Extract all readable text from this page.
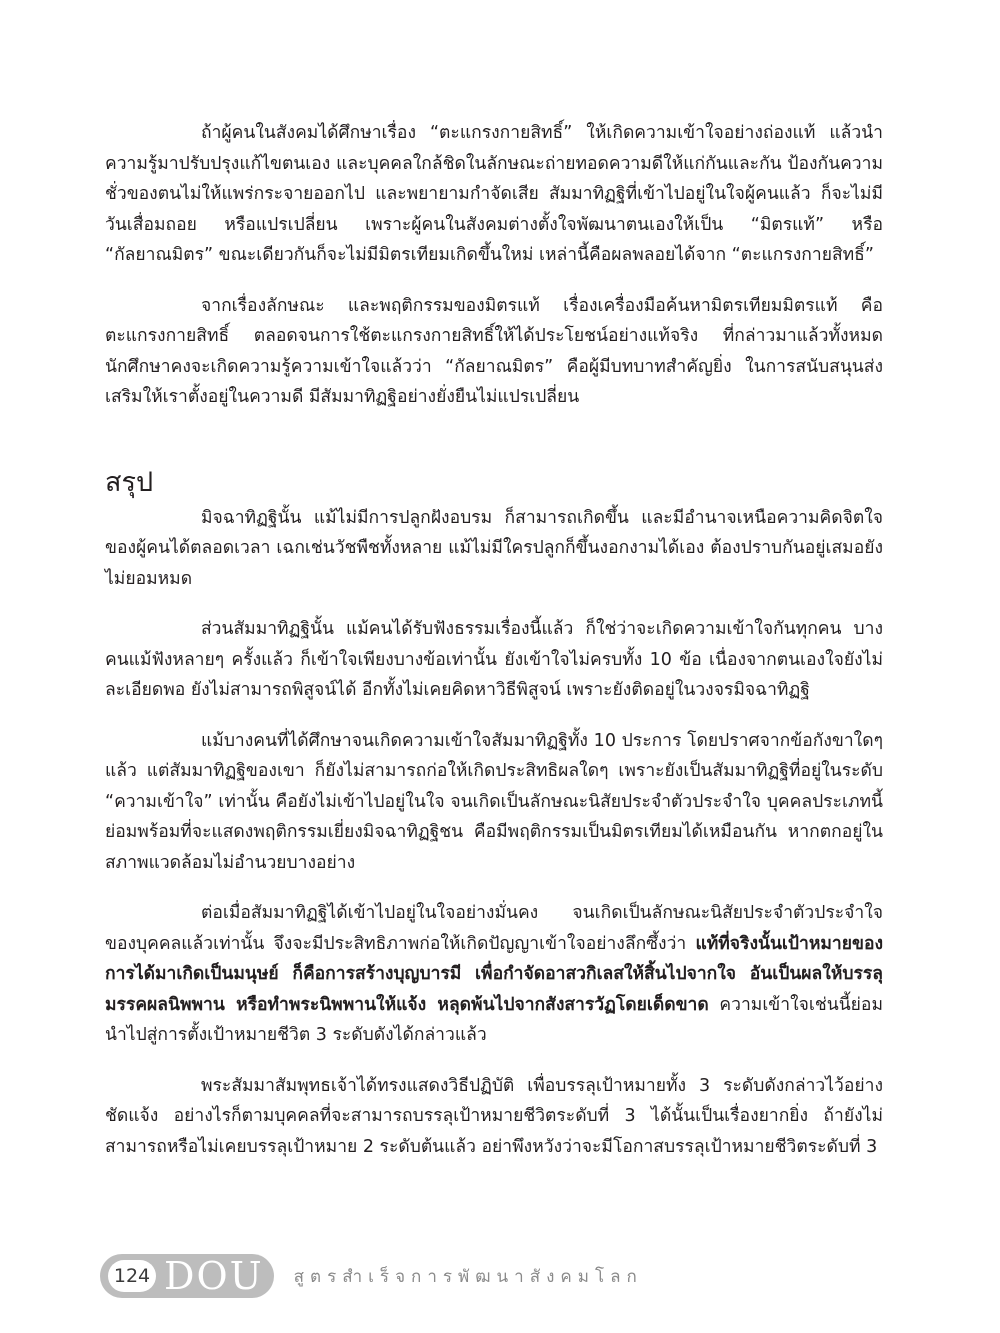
ถ้าผู้คนในสังคมได้ศึกษาเรื่อง “ตะแกรงกายสิทธิ์” ให้เกิดความเข้าใจอย่างถ่องแท้ แล้วนำความรู้มาปรับปรุงแก้ไขตนเอง และบุคคลใกล้ชิดในลักษณะถ่ายทอดความดีให้แก่กันและกัน ป้องกันความชั่วของตนไม่ให้แพร่กระจายออกไป และพยายามกำจัดเสีย สัมมาทิฏฐิที่เข้าไปอยู่ในใจผู้คนแล้ว ก็จะไม่มีวันเสื่อมถอย หรือแปรเปลี่ยน เพราะผู้คนในสังคมต่างตั้งใจพัฒนาตนเองให้เป็น “มิตรแท้” หรือ “กัลยาณมิตร” ขณะเดียวกันก็จะไม่มีมิตรเทียมเกิดขึ้นใหม่ เหล่านี้คือผลพลอยได้จาก “ตะแกรงกายสิทธิ์”

จากเรื่องลักษณะ และพฤติกรรมของมิตรแท้ เรื่องเครื่องมือค้นหามิตรเทียมมิตรแท้ คือตะแกรงกายสิทธิ์ ตลอดจนการใช้ตะแกรงกายสิทธิ์ให้ได้ประโยชน์อย่างแท้จริง ที่กล่าวมาแล้วทั้งหมด นักศึกษาคงจะเกิดความรู้ความเข้าใจแล้วว่า “กัลยาณมิตร” คือผู้มีบทบาทสำคัญยิ่ง ในการสนับสนุนส่งเสริมให้เราตั้งอยู่ในความดี มีสัมมาทิฏฐิอย่างยั่งยืนไม่แปรเปลี่ยน

สรุป

มิจฉาทิฏฐินั้น แม้ไม่มีการปลูกฝังอบรม ก็สามารถเกิดขึ้น และมีอำนาจเหนือความคิดจิตใจของผู้คนได้ตลอดเวลา เฉกเช่นวัชพืชทั้งหลาย แม้ไม่มีใครปลูกก็ขึ้นงอกงามได้เอง ต้องปราบกันอยู่เสมอยังไม่ยอมหมด

ส่วนสัมมาทิฏฐินั้น แม้คนได้รับฟังธรรมเรื่องนี้แล้ว ก็ใช่ว่าจะเกิดความเข้าใจกันทุกคน บางคนแม้ฟังหลายๆ ครั้งแล้ว ก็เข้าใจเพียงบางข้อเท่านั้น ยังเข้าใจไม่ครบทั้ง 10 ข้อ เนื่องจากตนเองใจยังไม่ละเอียดพอ ยังไม่สามารถพิสูจน์ได้ อีกทั้งไม่เคยคิดหาวิธีพิสูจน์ เพราะยังติดอยู่ในวงจรมิจฉาทิฏฐิ

แม้บางคนที่ได้ศึกษาจนเกิดความเข้าใจสัมมาทิฏฐิทั้ง 10 ประการ โดยปราศจากข้อกังขาใดๆ แล้ว แต่สัมมาทิฏฐิของเขา ก็ยังไม่สามารถก่อให้เกิดประสิทธิผลใดๆ เพราะยังเป็นสัมมาทิฏฐิที่อยู่ในระดับ “ความเข้าใจ” เท่านั้น คือยังไม่เข้าไปอยู่ในใจ จนเกิดเป็นลักษณะนิสัยประจำตัวประจำใจ บุคคลประเภทนี้ย่อมพร้อมที่จะแสดงพฤติกรรมเยี่ยงมิจฉาทิฏฐิชน คือมีพฤติกรรมเป็นมิตรเทียมได้เหมือนกัน หากตกอยู่ในสภาพแวดล้อมไม่อำนวยบางอย่าง

ต่อเมื่อสัมมาทิฏฐิได้เข้าไปอยู่ในใจอย่างมั่นคง จนเกิดเป็นลักษณะนิสัยประจำตัวประจำใจของบุคคลแล้วเท่านั้น จึงจะมีประสิทธิภาพก่อให้เกิดปัญญาเข้าใจอย่างลึกซึ้งว่า แท้ที่จริงนั้นเป้าหมายของการได้มาเกิดเป็นมนุษย์ ก็คือการสร้างบุญบารมี เพื่อกำจัดอาสวกิเลสให้สิ้นไปจากใจ อันเป็นผลให้บรรลุมรรคผลนิพพาน หรือทำพระนิพพานให้แจ้ง หลุดพ้นไปจากสังสารวัฏโดยเด็ดขาด ความเข้าใจเช่นนี้ย่อมนำไปสู่การตั้งเป้าหมายชีวิต 3 ระดับดังได้กล่าวแล้ว

พระสัมมาสัมพุทธเจ้าได้ทรงแสดงวิธีปฏิบัติ เพื่อบรรลุเป้าหมายทั้ง 3 ระดับดังกล่าวไว้อย่างชัดแจ้ง อย่างไรก็ตามบุคคลที่จะสามารถบรรลุเป้าหมายชีวิตระดับที่ 3 ได้นั้นเป็นเรื่องยากยิ่ง ถ้ายังไม่สามารถหรือไม่เคยบรรลุเป้าหมาย 2 ระดับต้นแล้ว อย่าพึงหวังว่าจะมีโอกาสบรรลุเป้าหมายชีวิตระดับที่ 3

124 DOU สูตรสำเร็จการพัฒนาสังคมโลก
